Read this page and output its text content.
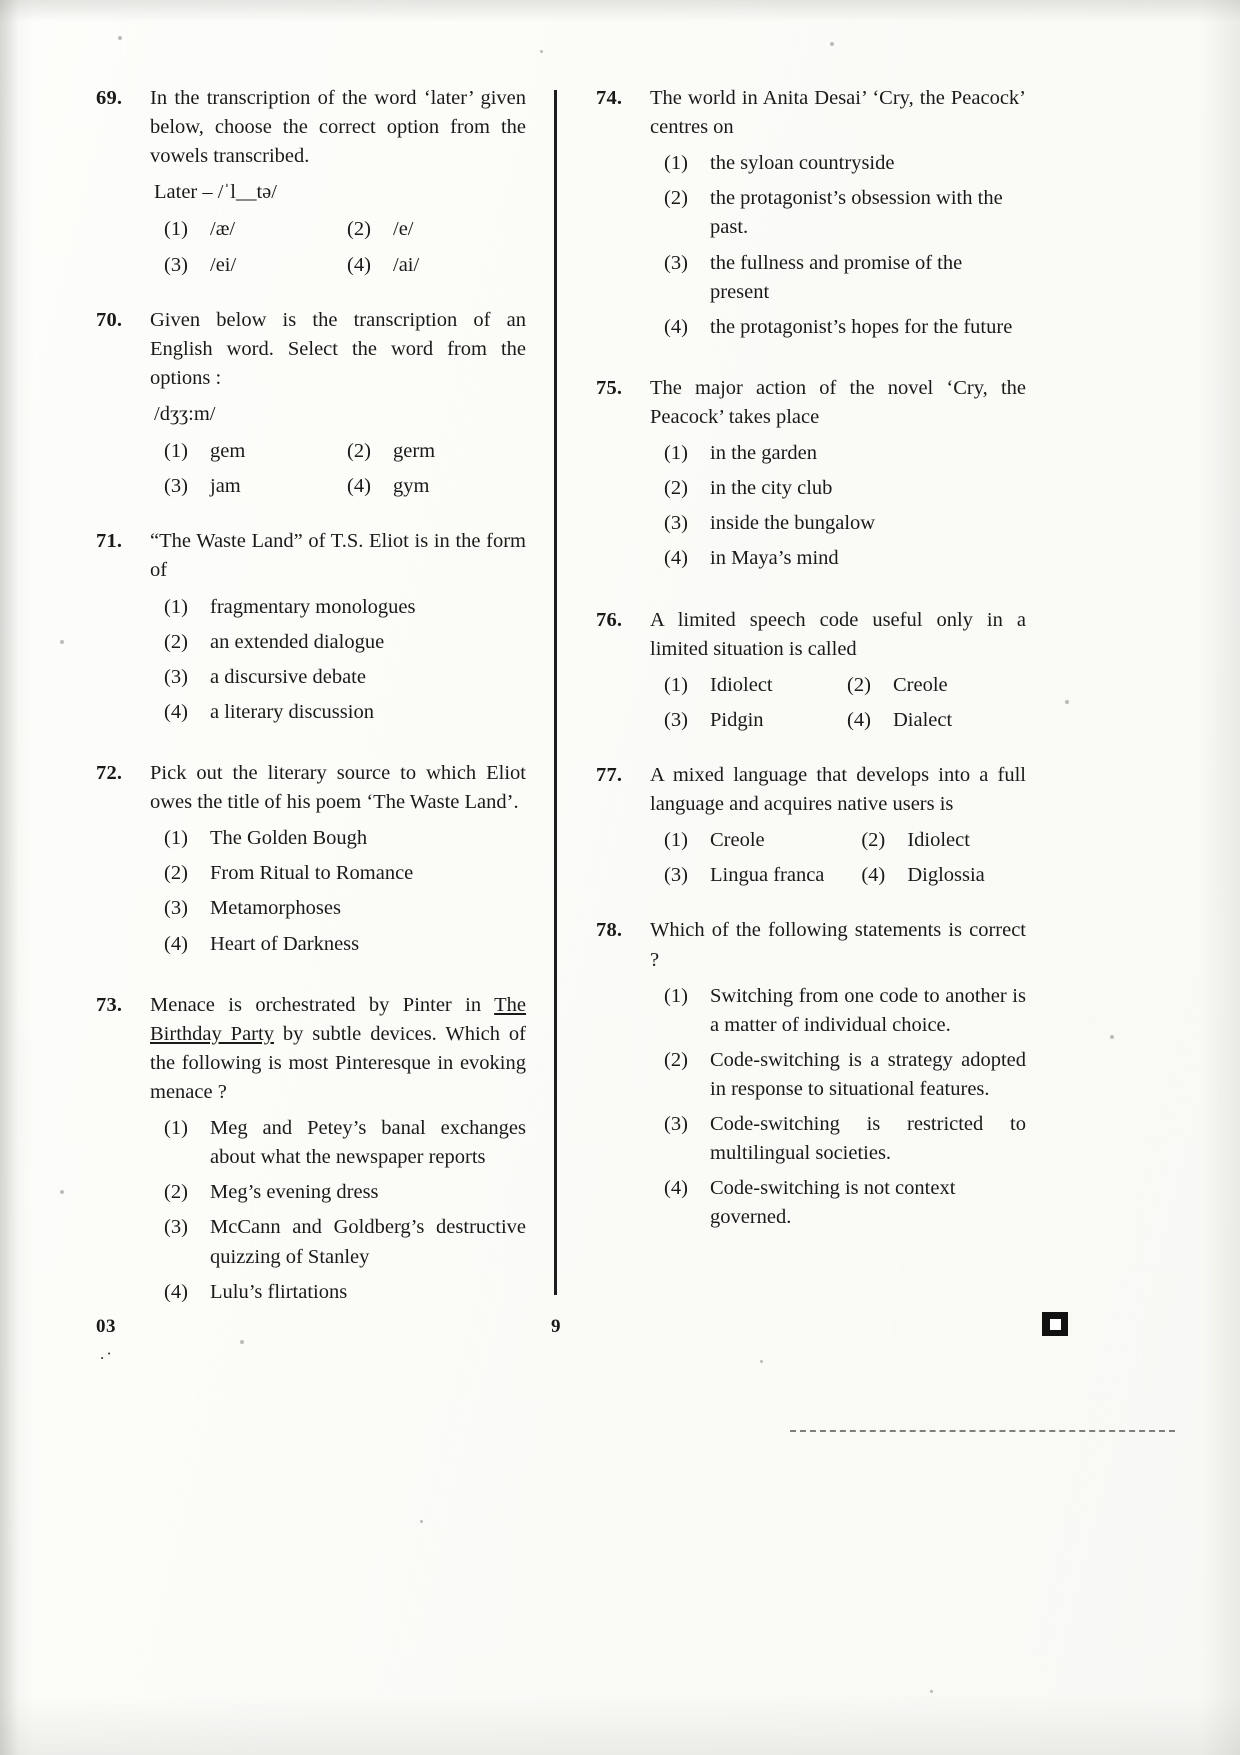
69.	In the transcription of the word ‘later’ given below, choose the correct option from the vowels transcribed.

Later – /ˈl__tə/

(1)	/æ/	(2)	/e/
(3)	/ei/	(4)	/ai/
70.	Given below is the transcription of an English word. Select the word from the options :

/dʒʒ:m/

(1)	gem	(2)	germ
(3)	jam	(4)	gym
71.	“The Waste Land” of T.S. Eliot is in the form of

(1)	fragmentary monologues
(2)	an extended dialogue
(3)	a discursive debate
(4)	a literary discussion
72.	Pick out the literary source to which Eliot owes the title of his poem ‘The Waste Land’.

(1)	The Golden Bough
(2)	From Ritual to Romance
(3)	Metamorphoses
(4)	Heart of Darkness
73.	Menace is orchestrated by Pinter in The Birthday Party by subtle devices. Which of the following is most Pinteresque in evoking menace ?

(1)	Meg and Petey’s banal exchanges about what the newspaper reports
(2)	Meg’s evening dress
(3)	McCann and Goldberg’s destructive quizzing of Stanley
(4)	Lulu’s flirtations
74.	The world in Anita Desai’ ‘Cry, the Peacock’ centres on

(1)	the syloan countryside
(2)	the protagonist’s obsession with the past.
(3)	the fullness and promise of the present
(4)	the protagonist’s hopes for the future
75.	The major action of the novel ‘Cry, the Peacock’ takes place

(1)	in the garden
(2)	in the city club
(3)	inside the bungalow
(4)	in Maya’s mind
76.	A limited speech code useful only in a limited situation is called

(1)	Idiolect	(2)	Creole
(3)	Pidgin	(4)	Dialect
77.	A mixed language that develops into a full language and acquires native users is

(1)	Creole	(2)	Idiolect
(3)	Lingua franca	(4)	Diglossia
78.	Which of the following statements is correct ?

(1)	Switching from one code to another is a matter of individual choice.
(2)	Code-switching is a strategy adopted in response to situational features.
(3)	Code-switching is restricted to multilingual societies.
(4)	Code-switching is not context governed.
03
.·
9
